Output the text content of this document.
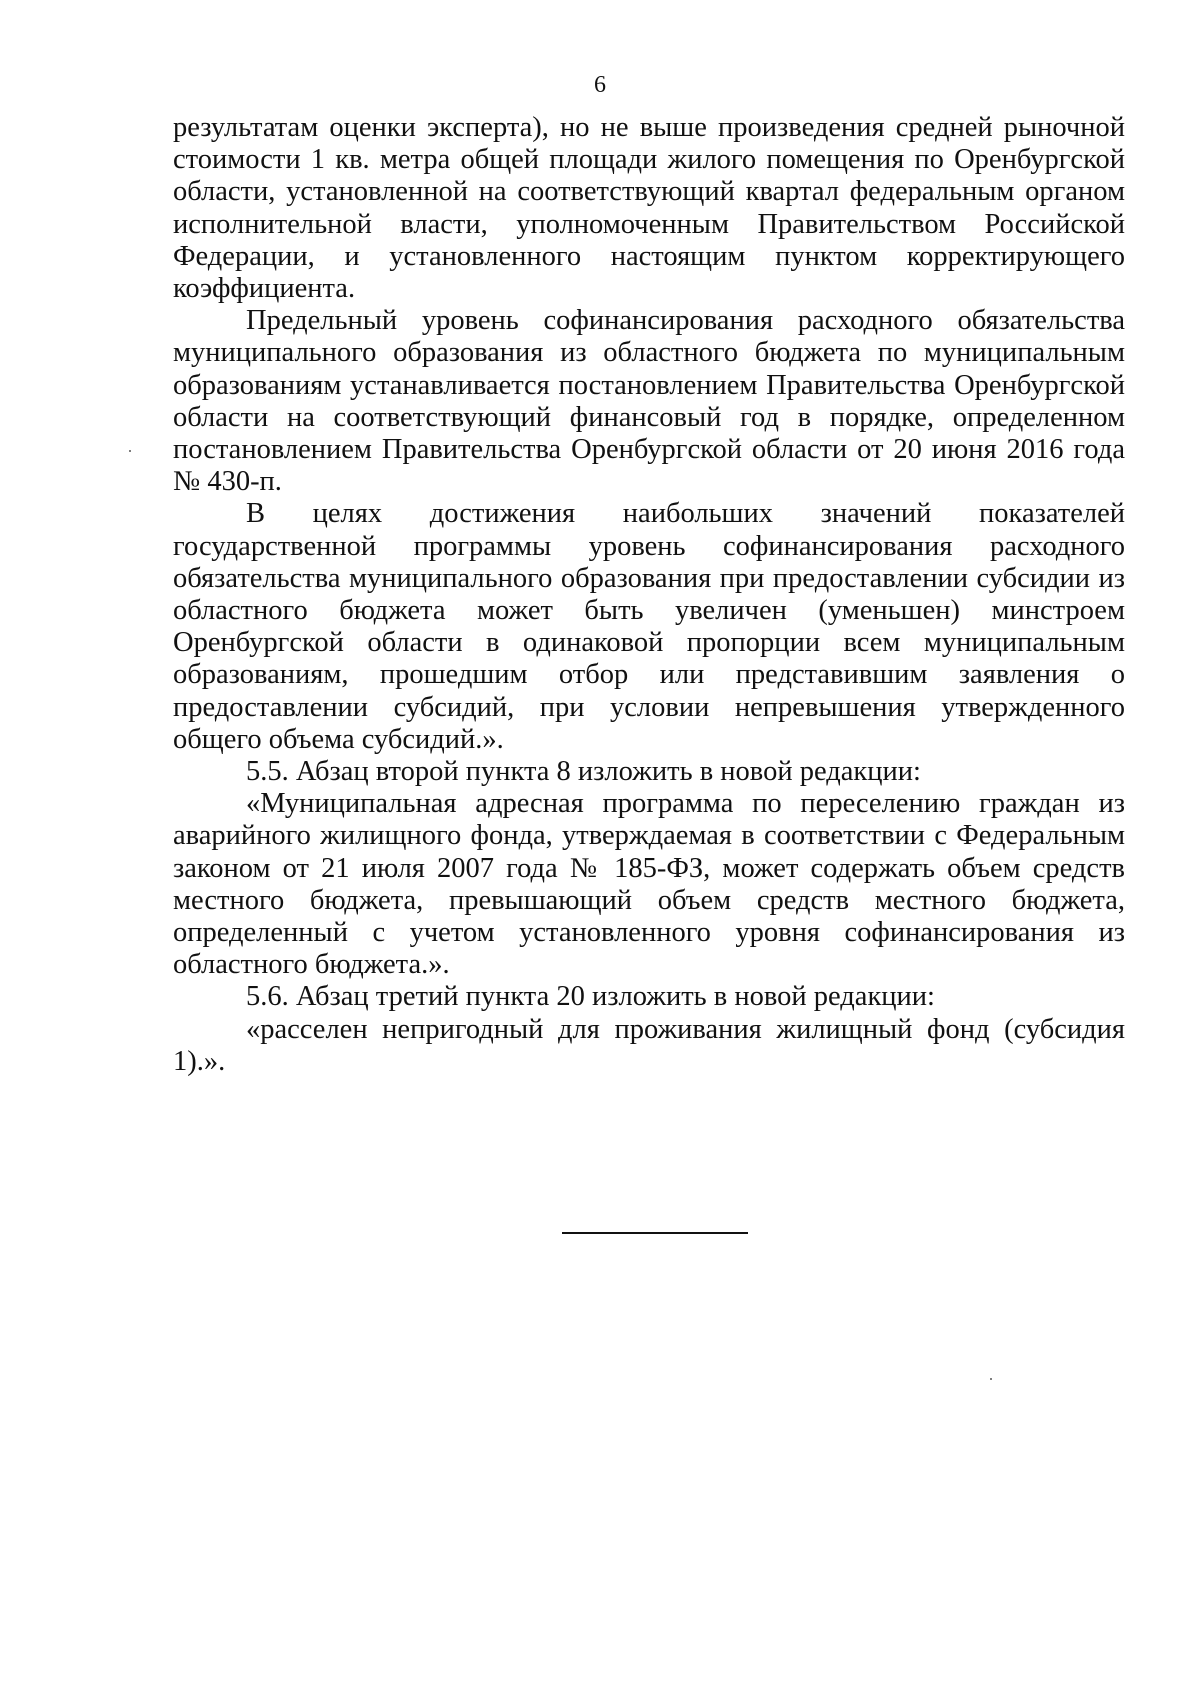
6

результатам оценки эксперта), но не выше произведения средней рыночной стоимости 1 кв. метра общей площади жилого помещения по Оренбургской области, установленной на соответствующий квартал федеральным органом исполнительной власти, уполномоченным Правительством Российской Федерации, и установленного настоящим пунктом корректирующего коэффициента.

Предельный уровень софинансирования расходного обязательства муниципального образования из областного бюджета по муниципальным образованиям устанавливается постановлением Правительства Оренбургской области на соответствующий финансовый год в порядке, определенном постановлением Правительства Оренбургской области от 20 июня 2016 года № 430-п.

В целях достижения наибольших значений показателей государственной программы уровень софинансирования расходного обязательства муниципального образования при предоставлении субсидии из областного бюджета может быть увеличен (уменьшен) минстроем Оренбургской области в одинаковой пропорции всем муниципальным образованиям, прошедшим отбор или представившим заявления о предоставлении субсидий, при условии непревышения утвержденного общего объема субсидий.».

5.5. Абзац второй пункта 8 изложить в новой редакции:

«Муниципальная адресная программа по переселению граждан из аварийного жилищного фонда, утверждаемая в соответствии с Федеральным законом от 21 июля 2007 года № 185-ФЗ, может содержать объем средств местного бюджета, превышающий объем средств местного бюджета, определенный с учетом установленного уровня софинансирования из областного бюджета.».

5.6. Абзац третий пункта 20 изложить в новой редакции:

«расселен непригодный для проживания жилищный фонд (субсидия 1).».
